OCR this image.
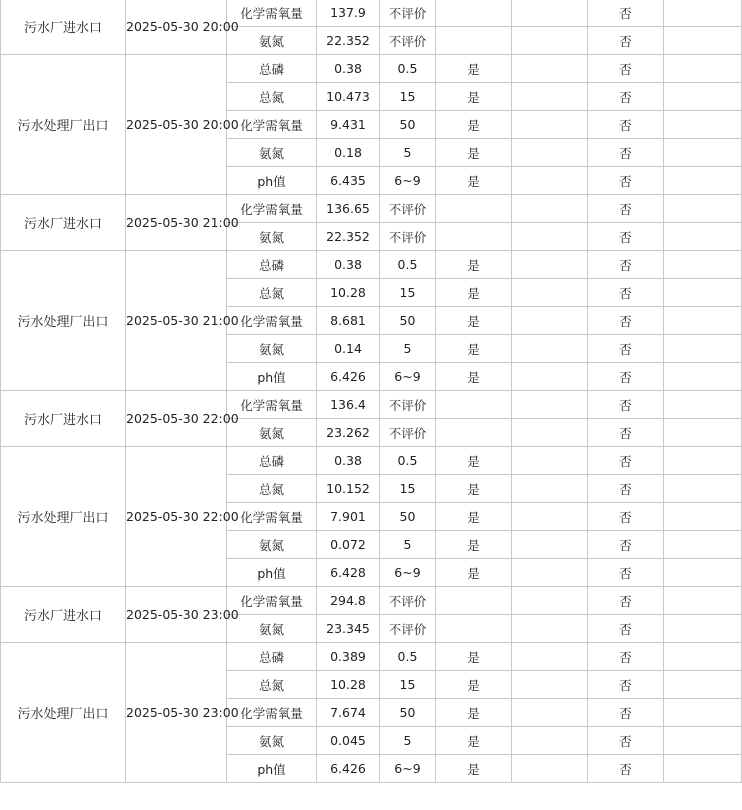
污水厂进水口	2025-05-30 20:00	化学需氧量	137.9	不评价			否	
		氨氮	22.352	不评价			否	
污水处理厂出口	2025-05-30 20:00	总磷	0.38	0.5	是		否	
		总氮	10.473	15	是		否	
		化学需氧量	9.431	50	是		否	
		氨氮	0.18	5	是		否	
		ph值	6.435	6~9	是		否	
污水厂进水口	2025-05-30 21:00	化学需氧量	136.65	不评价			否	
		氨氮	22.352	不评价			否	
污水处理厂出口	2025-05-30 21:00	总磷	0.38	0.5	是		否	
		总氮	10.28	15	是		否	
		化学需氧量	8.681	50	是		否	
		氨氮	0.14	5	是		否	
		ph值	6.426	6~9	是		否	
污水厂进水口	2025-05-30 22:00	化学需氧量	136.4	不评价			否	
		氨氮	23.262	不评价			否	
污水处理厂出口	2025-05-30 22:00	总磷	0.38	0.5	是		否	
		总氮	10.152	15	是		否	
		化学需氧量	7.901	50	是		否	
		氨氮	0.072	5	是		否	
		ph值	6.428	6~9	是		否	
污水厂进水口	2025-05-30 23:00	化学需氧量	294.8	不评价			否	
		氨氮	23.345	不评价			否	
污水处理厂出口	2025-05-30 23:00	总磷	0.389	0.5	是		否	
		总氮	10.28	15	是		否	
		化学需氧量	7.674	50	是		否	
		氨氮	0.045	5	是		否	
		ph值	6.426	6~9	是		否	
